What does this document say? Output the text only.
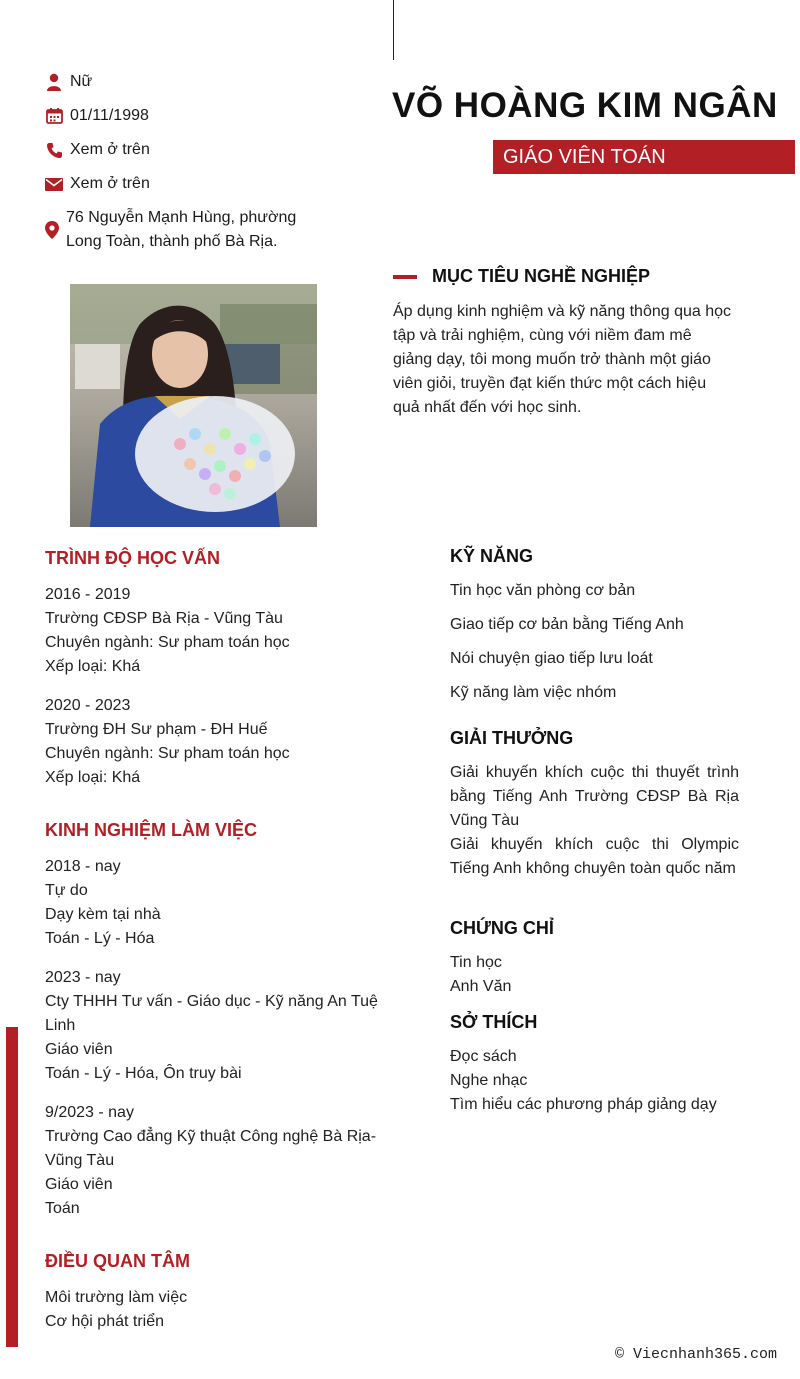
Nữ
01/11/1998
Xem ở trên
Xem ở trên
76 Nguyễn Mạnh Hùng, phường Long Toàn, thành phố Bà Rịa.
VÕ HOÀNG KIM NGÂN
GIÁO VIÊN TOÁN
MỤC TIÊU NGHỀ NGHIỆP
Áp dụng kinh nghiệm và kỹ năng thông qua học tập và trải nghiệm, cùng với niềm đam mê giảng dạy, tôi mong muốn trở thành một giáo viên giỏi, truyền đạt kiến thức một cách hiệu quả nhất đến với học sinh.
TRÌNH ĐỘ HỌC VẤN
2016 - 2019
Trường CĐSP Bà Rịa - Vũng Tàu
Chuyên ngành: Sư pham toán học
Xếp loại: Khá
2020 - 2023
Trường ĐH Sư phạm - ĐH Huế
Chuyên ngành: Sư pham toán học
Xếp loại: Khá
KINH NGHIỆM LÀM VIỆC
2018 - nay
Tự do
Dạy kèm tại nhà
Toán - Lý - Hóa
2023 - nay
Cty THHH Tư vấn - Giáo dục - Kỹ năng An Tuệ Linh
Giáo viên
Toán - Lý - Hóa, Ôn truy bài
9/2023 - nay
Trường Cao đẳng Kỹ thuật Công nghệ Bà Rịa-Vũng Tàu
Giáo viên
Toán
ĐIỀU QUAN TÂM
Môi trường làm việc
Cơ hội phát triển
KỸ NĂNG
Tin học văn phòng cơ bản
Giao tiếp cơ bản bằng Tiếng Anh
Nói chuyện giao tiếp lưu loát
Kỹ năng làm việc nhóm
GIẢI THƯỞNG
Giải khuyến khích cuộc thi thuyết trình bằng Tiếng Anh Trường CĐSP Bà Rịa Vũng Tàu
Giải khuyến khích cuộc thi Olympic Tiếng Anh không chuyên toàn quốc năm
CHỨNG CHỈ
Tin học
Anh Văn
SỞ THÍCH
Đọc sách
Nghe nhạc
Tìm hiểu các phương pháp giảng dạy
© Viecnhanh365.com
